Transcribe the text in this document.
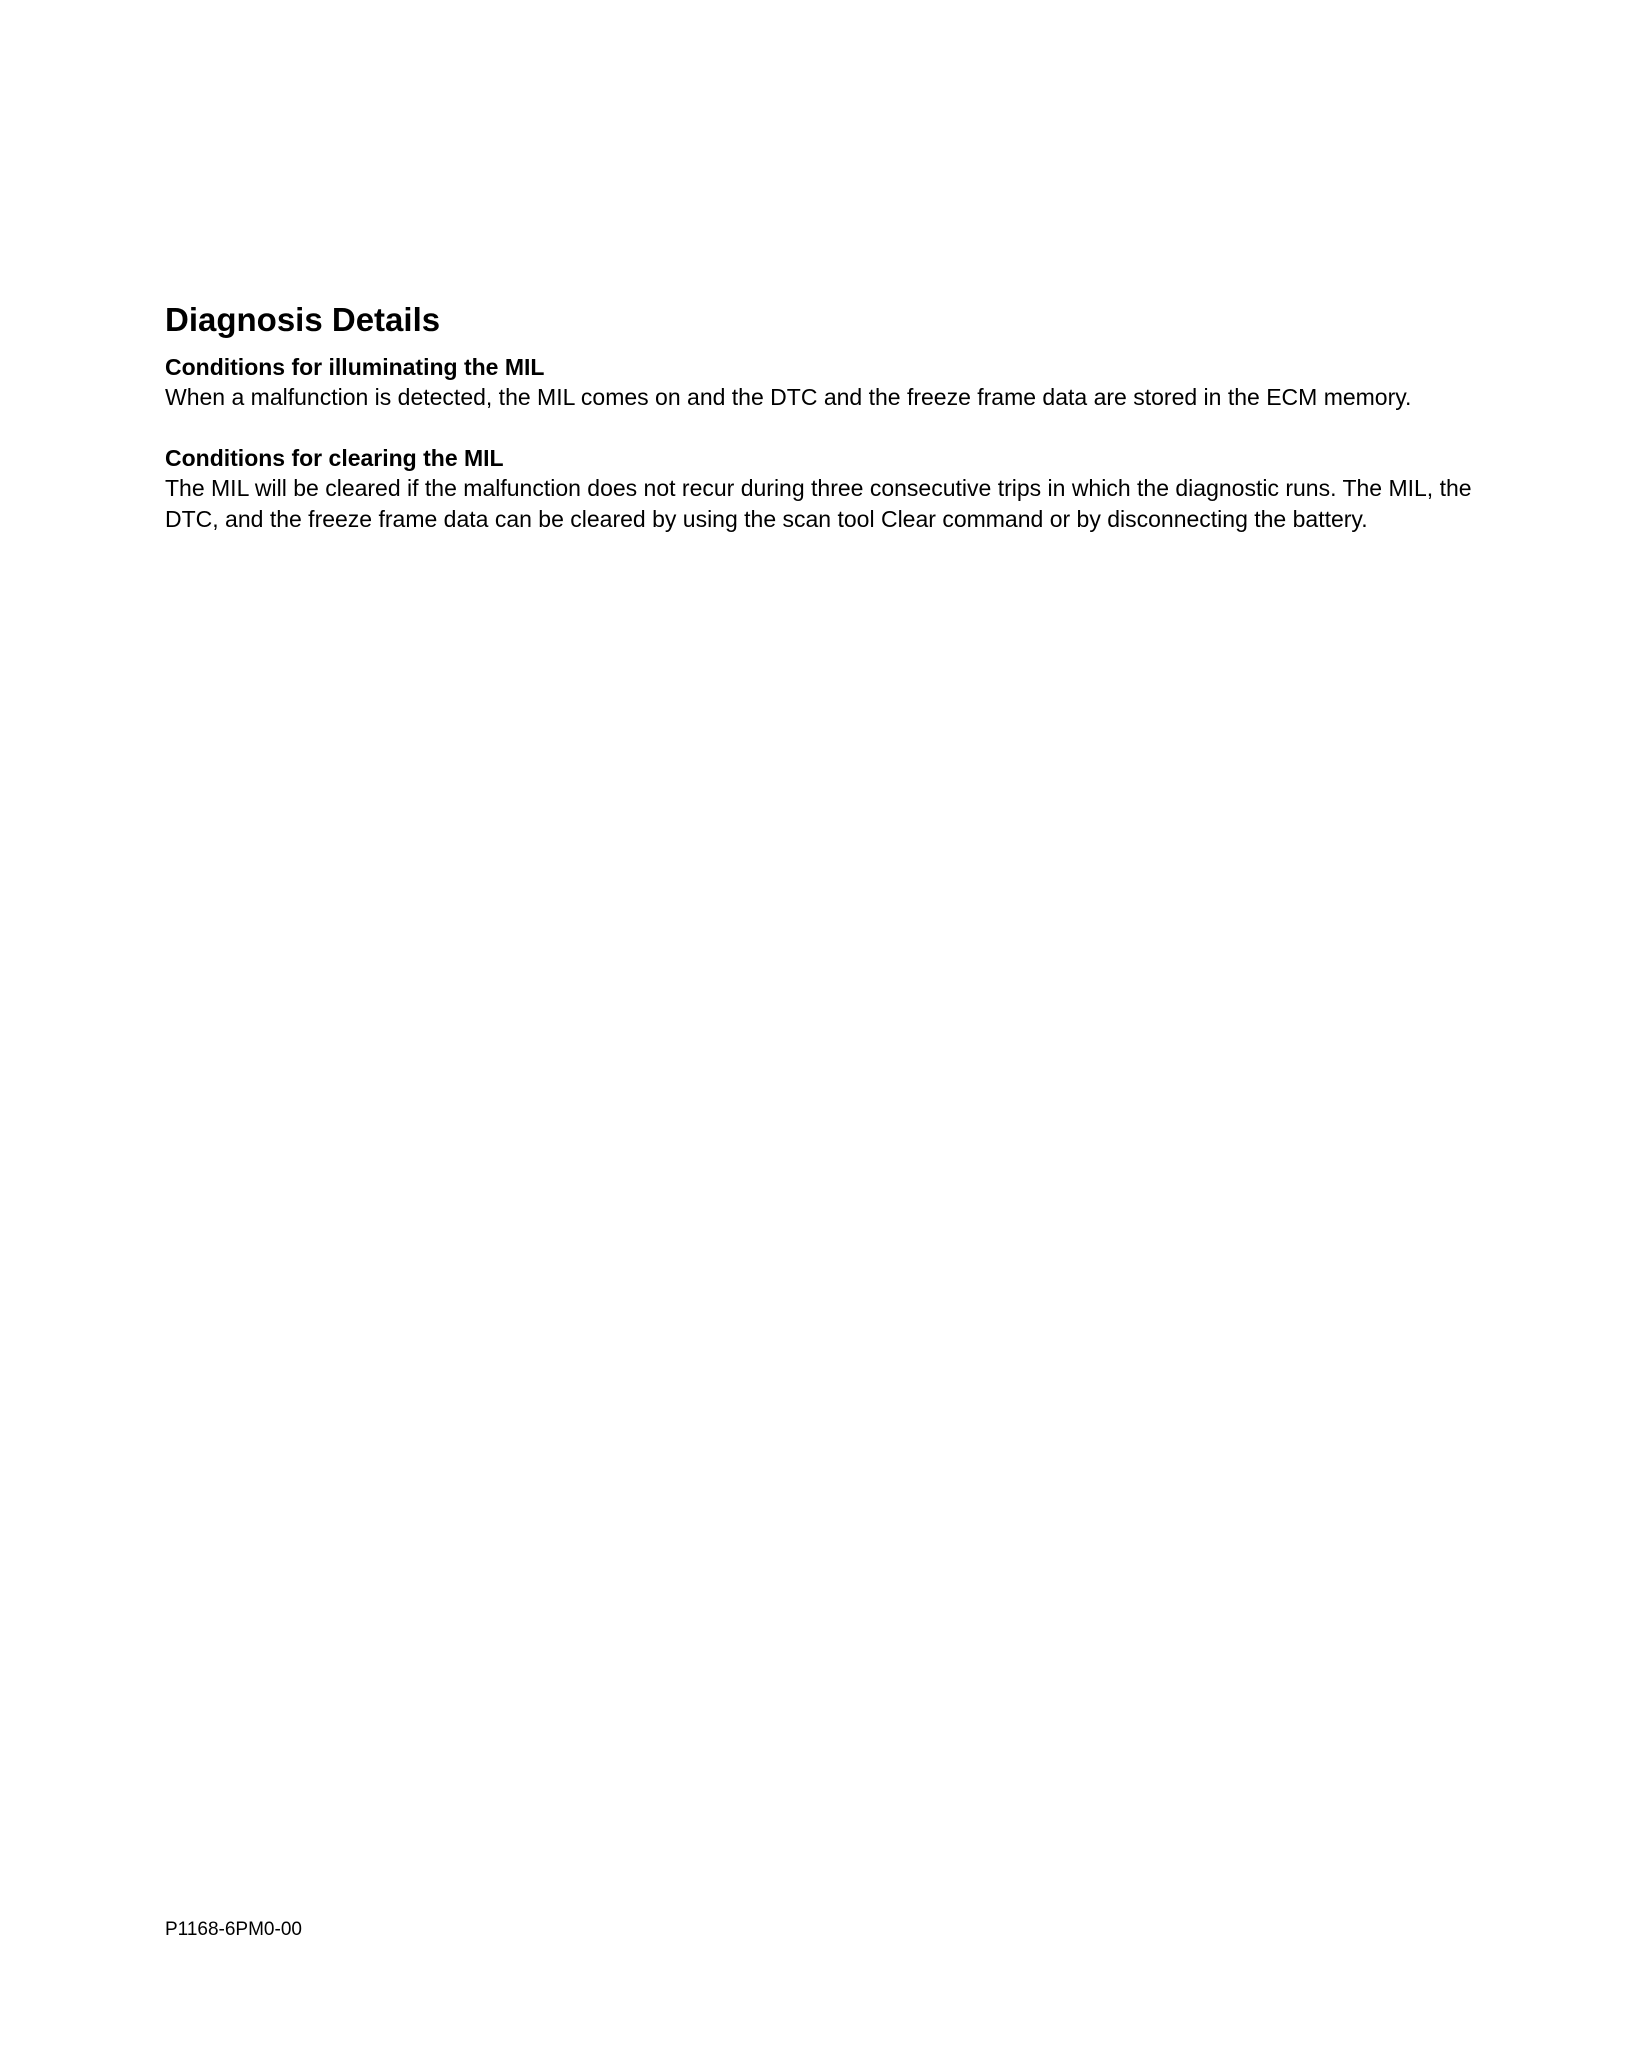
Diagnosis Details

Conditions for illuminating the MIL

When a malfunction is detected, the MIL comes on and the DTC and the freeze frame data are stored in the ECM memory.

Conditions for clearing the MIL

The MIL will be cleared if the malfunction does not recur during three consecutive trips in which the diagnostic runs. The MIL, the DTC, and the freeze frame data can be cleared by using the scan tool Clear command or by disconnecting the battery.

P1168-6PM0-00
